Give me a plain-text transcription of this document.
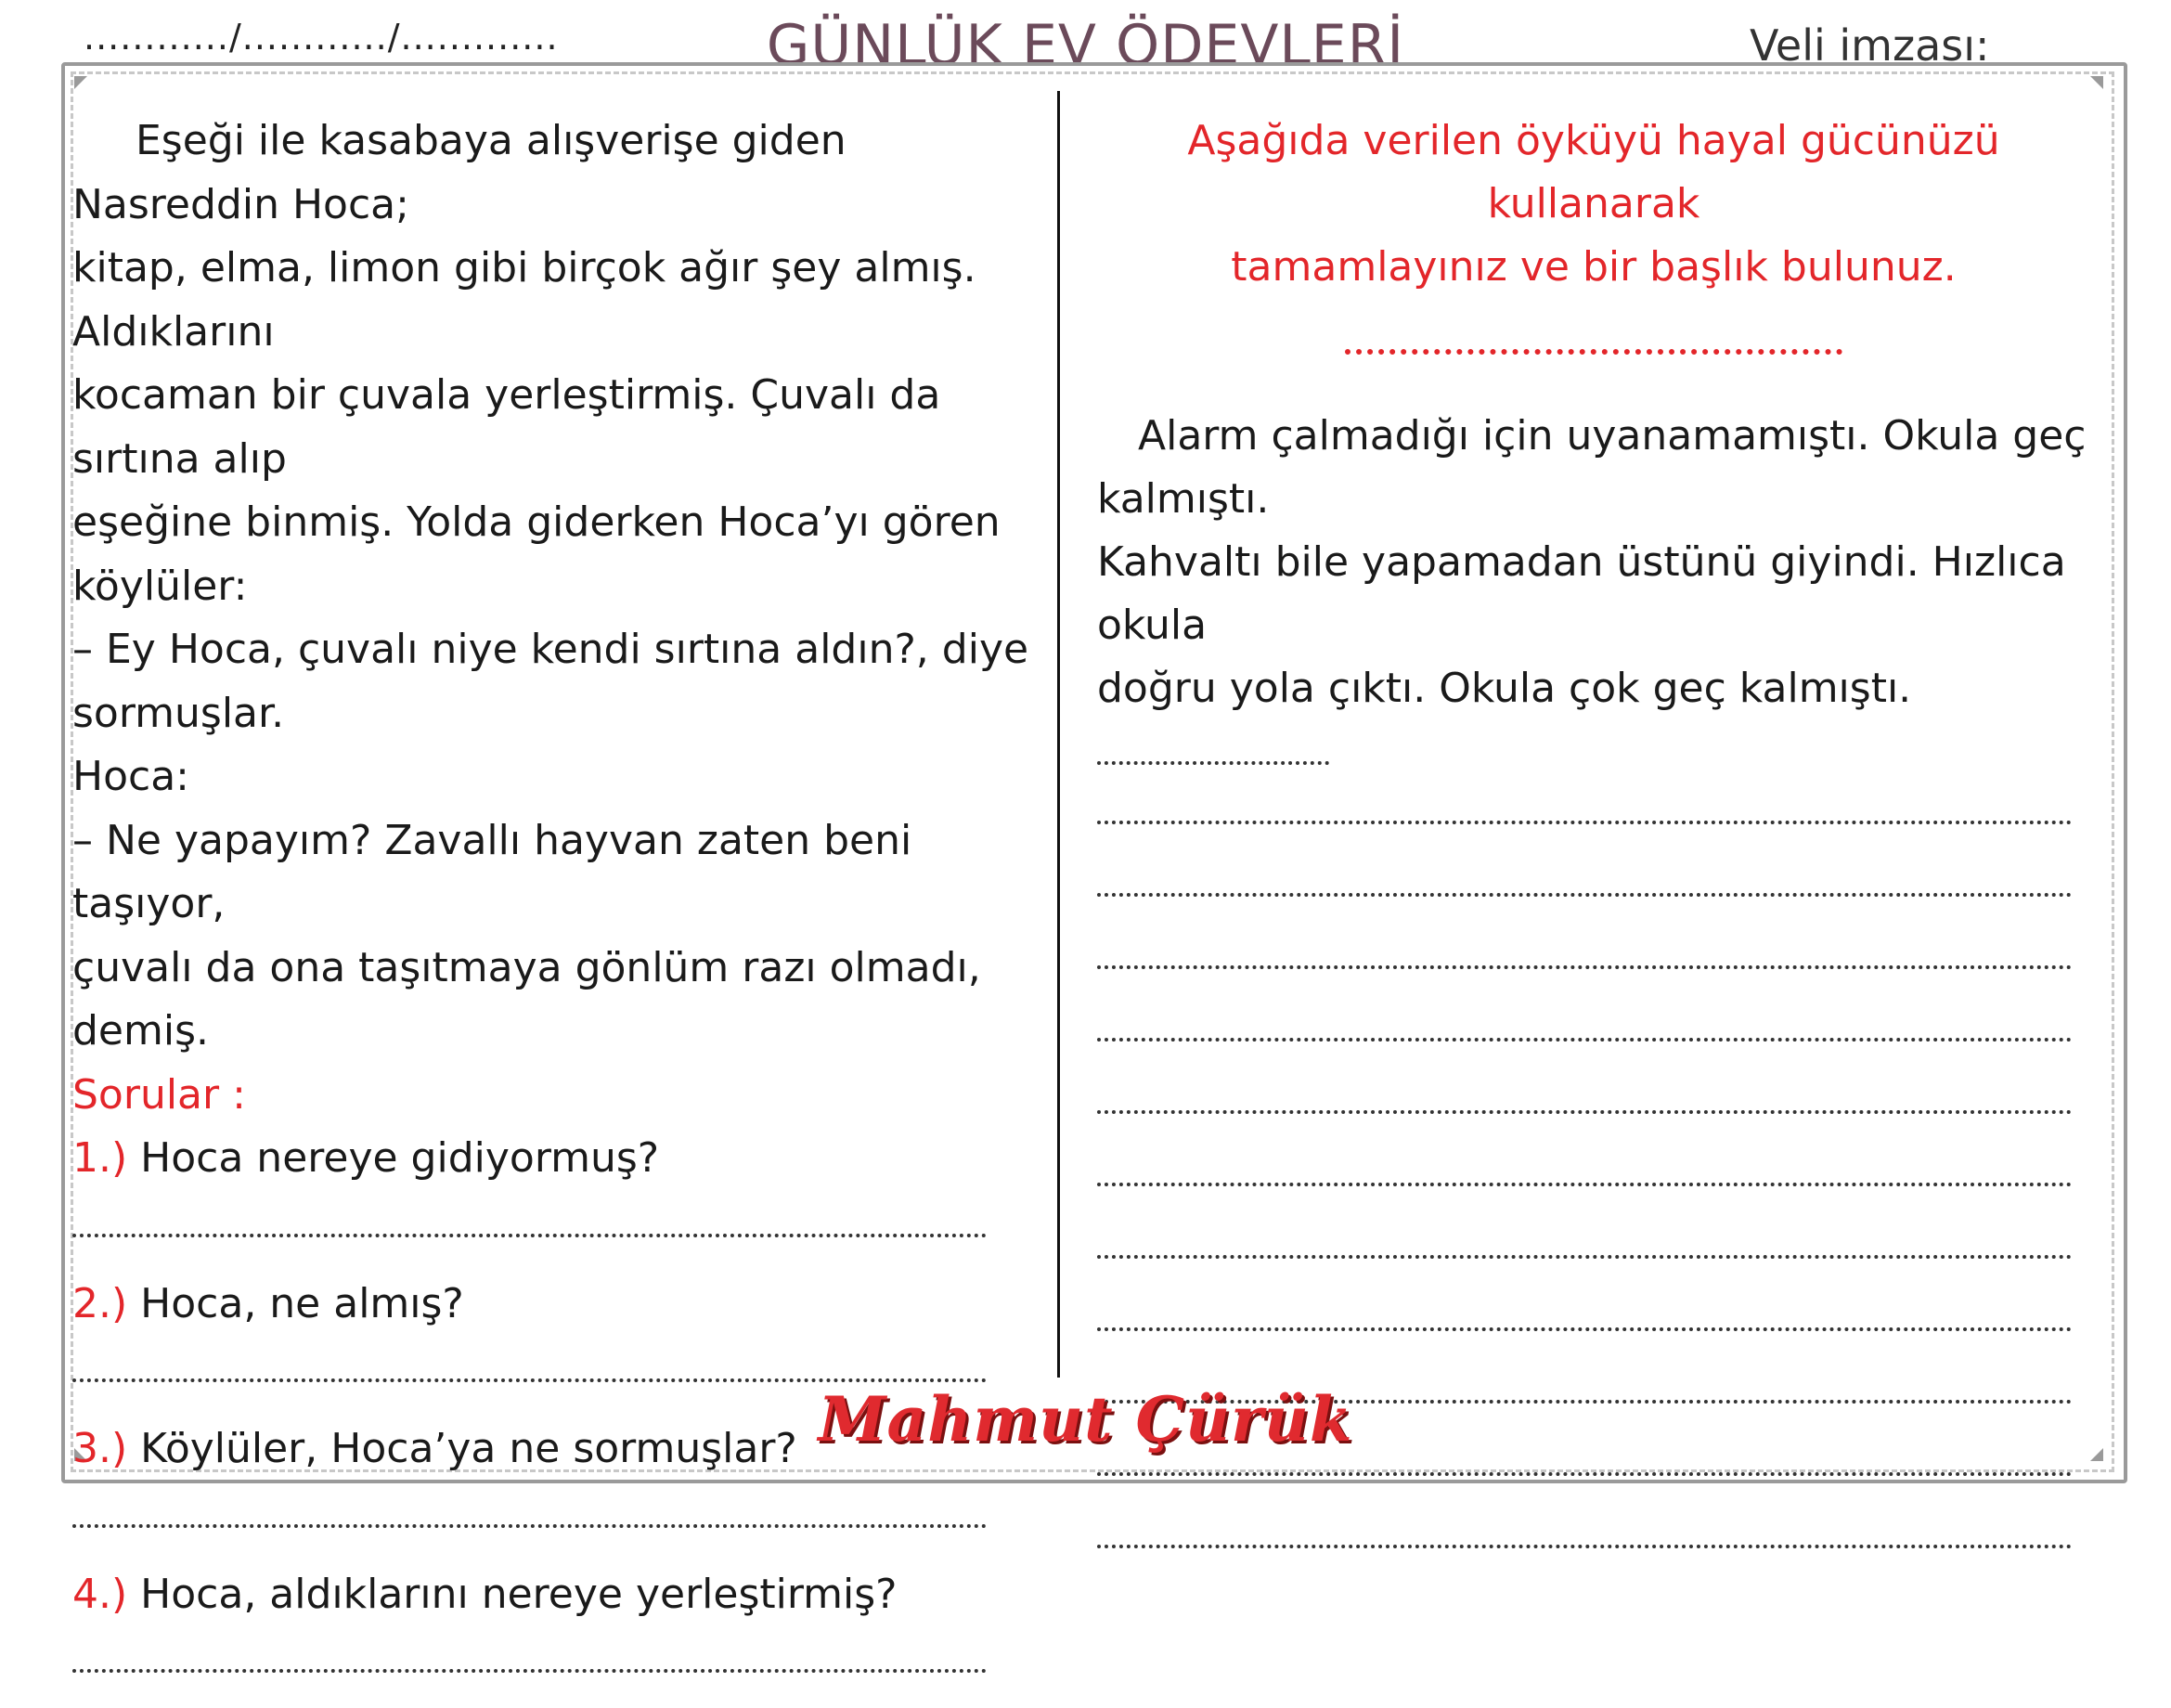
............/............/.............	GÜNLÜK EV ÖDEVLERİ	Veli imzası:

Eşeği ile kasabaya alışverişe giden Nasreddin Hoca;

kitap, elma, limon gibi birçok ağır şey almış. Aldıklarını

kocaman bir çuvala yerleştirmiş. Çuvalı da sırtına alıp

eşeğine binmiş. Yolda giderken Hoca’yı gören köylüler:

– Ey Hoca, çuvalı niye kendi sırtına aldın?, diye

sormuşlar.

Hoca:

– Ne yapayım? Zavallı hayvan zaten beni taşıyor,

çuvalı da ona taşıtmaya gönlüm razı olmadı, demiş.

Sorular :

1.) Hoca nereye gidiyormuş?

2.) Hoca, ne almış?

3.) Köylüler, Hoca’ya ne sormuşlar?

4.) Hoca, aldıklarını nereye yerleştirmiş?

Aşağıda verilen öyküyü hayal gücünüzü kullanarak

tamamlayınız ve bir başlık bulunuz.

Alarm çalmadığı için uyanamamıştı. Okula geç kalmıştı.

Kahvaltı bile yapamadan üstünü giyindi. Hızlıca okula

doğru yola çıktı. Okula çok geç kalmıştı.

Mahmut Çürük
